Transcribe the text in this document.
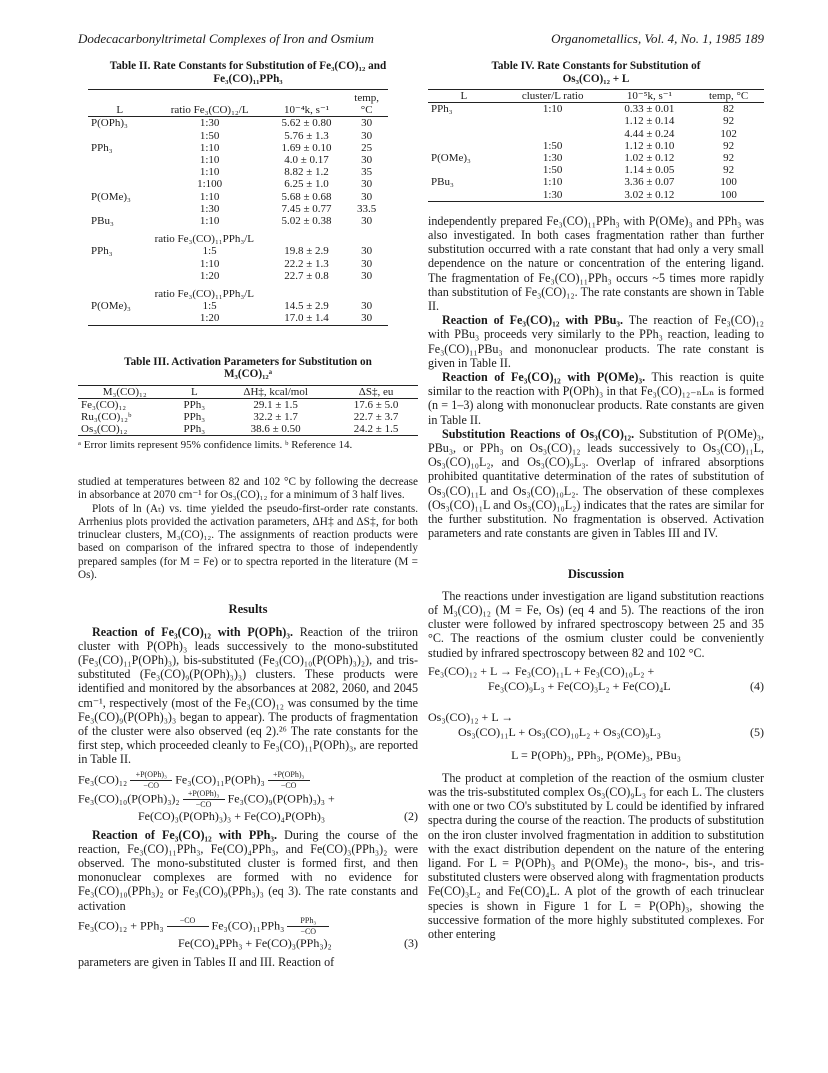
Dodecacarbonyltrimetal Complexes of Iron and Osmium	Organometallics, Vol. 4, No. 1, 1985 189
Table II. Rate Constants for Substitution of Fe₃(CO)₁₂ and Fe₃(CO)₁₁PPh₃
			temp,
L	ratio Fe₃(CO)₁₂/L	10⁻⁴k, s⁻¹	°C
P(OPh)₃	1:30	5.62 ± 0.80	30
	1:50	5.76 ± 1.3	30
PPh₃	1:10	1.69 ± 0.10	25
	1:10	4.0 ± 0.17	30
	1:10	8.82 ± 1.2	35
	1:100	6.25 ± 1.0	30
P(OMe)₃	1:10	5.68 ± 0.68	30
	1:30	7.45 ± 0.77	33.5
PBu₃	1:10	5.02 ± 0.38	30
	ratio Fe₃(CO)₁₁PPh₃/L		
PPh₃	1:5	19.8 ± 2.9	30
	1:10	22.2 ± 1.3	30
	1:20	22.7 ± 0.8	30
	ratio Fe₃(CO)₁₁PPh₃/L		
P(OMe)₃	1:5	14.5 ± 2.9	30
	1:20	17.0 ± 1.4	30
Table III. Activation Parameters for Substitution on M₃(CO)₁₂ᵃ
M₃(CO)₁₂	L	ΔH‡, kcal/mol	ΔS‡, eu
Fe₃(CO)₁₂	PPh₃	29.1 ± 1.5	17.6 ± 5.0
Ru₃(CO)₁₂ᵇ	PPh₃	32.2 ± 1.7	22.7 ± 3.7
Os₃(CO)₁₂	PPh₃	38.6 ± 0.50	24.2 ± 1.5
ᵃ Error limits represent 95% confidence limits. ᵇ Reference 14.

studied at temperatures between 82 and 102 °C by following the decrease in absorbance at 2070 cm⁻¹ for Os₃(CO)₁₂ for a minimum of 3 half lives.

Plots of ln (Aₜ) vs. time yielded the pseudo-first-order rate constants. Arrhenius plots provided the activation parameters, ΔH‡ and ΔS‡, for both trinuclear clusters, M₃(CO)₁₂. The assignments of reaction products were based on comparison of the infrared spectra to those of independently prepared samples (for M = Fe) or to spectra reported in the literature (M = Os).

Results

Reaction of Fe₃(CO)₁₂ with P(OPh)₃. Reaction of the triiron cluster with P(OPh)₃ leads successively to the mono-substituted (Fe₃(CO)₁₁P(OPh)₃), bis-substituted (Fe₃(CO)₁₀(P(OPh)₃)₂), and tris-substituted (Fe₃(CO)₉(P(OPh)₃)₃) clusters. These products were identified and monitored by the absorbances at 2082, 2060, and 2045 cm⁻¹, respectively (most of the Fe₃(CO)₁₂ was consumed by the time Fe₃(CO)₉(P(OPh)₃)₃ began to appear). The products of fragmentation of the cluster were also observed (eq 2).²⁶ The rate constants for the first step, which proceeded cleanly to Fe₃(CO)₁₁P(OPh)₃, are reported in Table II.

Fe₃(CO)₁₂	+P(OPh)₃
−CO	Fe₃(CO)₁₁P(OPh)₃	+P(OPh)₃
−CO
Fe₃(CO)₁₀(P(OPh)₃)₂	+P(OPh)₃
−CO	Fe₃(CO)₉(P(OPh)₃)₃ +
Fe(CO)₃(P(OPh)₃)₃ + Fe(CO)₄P(OPh)₃	(2)

Reaction of Fe₃(CO)₁₂ with PPh₃. During the course of the reaction, Fe₃(CO)₁₁PPh₃, Fe(CO)₄PPh₃, and Fe(CO)₃(PPh₃)₂ were observed. The mono-substituted cluster is formed first, and then mononuclear complexes are formed with no evidence for Fe₃(CO)₁₀(PPh₃)₂ or Fe₃(CO)₉(PPh₃)₃ (eq 3). The rate constants and activation

Fe₃(CO)₁₂ + PPh₃	−CO
	Fe₃(CO)₁₁PPh₃	PPh₃
−CO
Fe(CO)₄PPh₃ + Fe(CO)₃(PPh₃)₂	(3)

parameters are given in Tables II and III. Reaction of

Table IV. Rate Constants for Substitution of Os₃(CO)₁₂ + L
L	cluster/L ratio	10⁻⁵k, s⁻¹	temp, °C
PPh₃	1:10	0.33 ± 0.01	82
		1.12 ± 0.14	92
		4.44 ± 0.24	102
	1:50	1.12 ± 0.10	92
P(OMe)₃	1:30	1.02 ± 0.12	92
	1:50	1.14 ± 0.05	92
PBu₃	1:10	3.36 ± 0.07	100
	1:30	3.02 ± 0.12	100

independently prepared Fe₃(CO)₁₁PPh₃ with P(OMe)₃ and PPh₃ was also investigated. In both cases fragmentation rather than further substitution occurred with a rate constant that had only a very small dependence on the nature or concentration of the entering ligand. The fragmentation of Fe₃(CO)₁₁PPh₃ occurs ~5 times more rapidly than substitution of Fe₃(CO)₁₂. The rate constants are shown in Table II.

Reaction of Fe₃(CO)₁₂ with PBu₃. The reaction of Fe₃(CO)₁₂ with PBu₃ proceeds very similarly to the PPh₃ reaction, leading to Fe₃(CO)₁₁PBu₃ and mononuclear products. The rate constant is given in Table II.

Reaction of Fe₃(CO)₁₂ with P(OMe)₃. This reaction is quite similar to the reaction with P(OPh)₃ in that Fe₃(CO)₁₂₋ₙLₙ is formed (n = 1–3) along with mononuclear products. Rate constants are given in Table II.

Substitution Reactions of Os₃(CO)₁₂. Substitution of P(OMe)₃, PBu₃, or PPh₃ on Os₃(CO)₁₂ leads successively to Os₃(CO)₁₁L, Os₃(CO)₁₀L₂, and Os₃(CO)₉L₃. Overlap of infrared absorptions prohibited quantitative determination of the rates of substitution of Os₃(CO)₁₁L and Os₃(CO)₁₀L₂. The observation of these complexes (Os₃(CO)₁₁L and Os₃(CO)₁₀L₂) indicates that the rates are similar for the further substitution. No fragmentation is observed. Activation parameters and rate constants are given in Tables III and IV.

Discussion

The reactions under investigation are ligand substitution reactions of M₃(CO)₁₂ (M = Fe, Os) (eq 4 and 5). The reactions of the iron cluster were followed by infrared spectroscopy between 25 and 35 °C. The reactions of the osmium cluster could be conveniently studied by infrared spectroscopy between 82 and 102 °C.

Fe₃(CO)₁₂ + L → Fe₃(CO)₁₁L + Fe₃(CO)₁₀L₂ +
Fe₃(CO)₉L₃ + Fe(CO)₃L₂ + Fe(CO)₄L	(4)
Os₃(CO)₁₂ + L →
Os₃(CO)₁₁L + Os₃(CO)₁₀L₂ + Os₃(CO)₉L₃	(5)
L = P(OPh)₃, PPh₃, P(OMe)₃, PBu₃

The product at completion of the reaction of the osmium cluster was the tris-substituted complex Os₃(CO)₉L₃ for each L. The clusters with one or two CO's substituted by L could be identified by infrared spectra during the course of the reaction. The products of substitution on the iron cluster involved fragmentation in addition to substitution with the exact distribution dependent on the nature of the entering ligand. For L = P(OPh)₃ and P(OMe)₃ the mono-, bis-, and tris-substituted clusters were observed along with fragmentation products Fe(CO)₃L₂ and Fe(CO)₄L. A plot of the growth of each trinuclear species is shown in Figure 1 for L = P(OPh)₃, showing the successive formation of the more highly substituted complexes. For other entering
